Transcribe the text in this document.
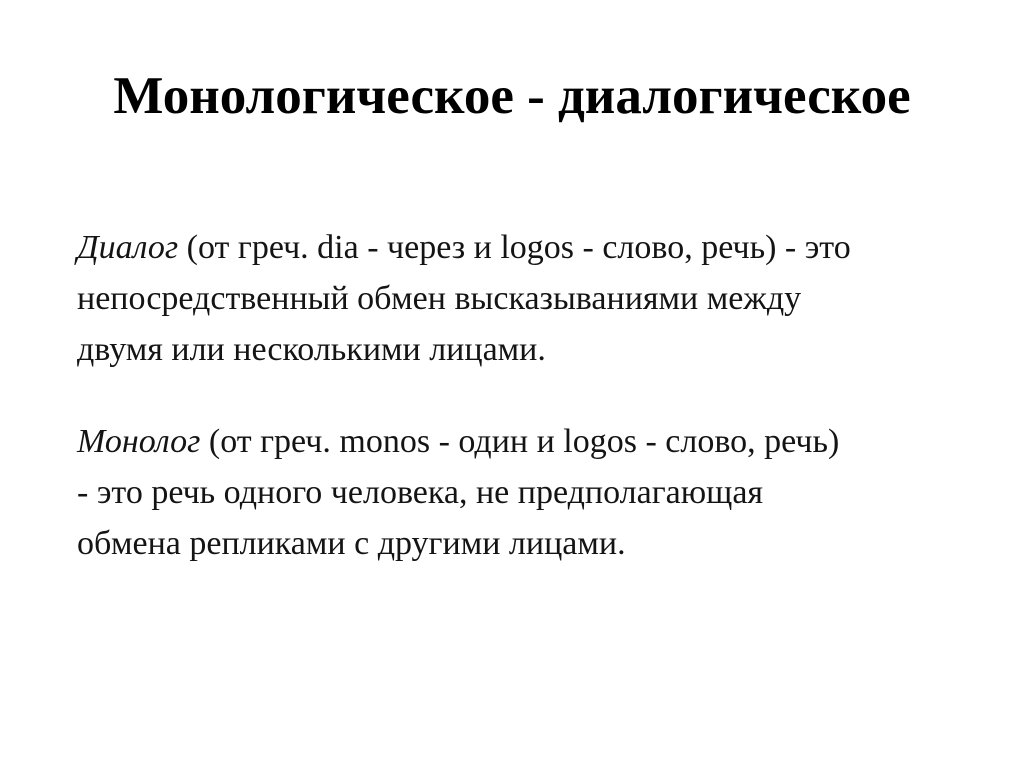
Монологическое - диалогическое

Диалог (от греч. dia - через и logos - слово, речь) - это
непосредственный обмен высказываниями между
двумя или несколькими лицами.

Монолог (от греч. monos - один и logos - слово, речь)
- это речь одного человека, не предполагающая
обмена репликами с другими лицами.
